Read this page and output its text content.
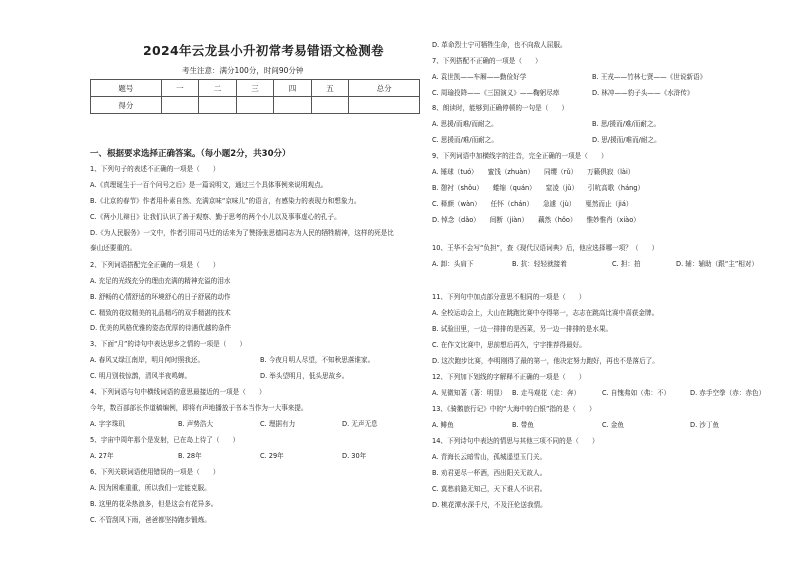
2024年云龙县小升初常考易错语文检测卷
考生注意：满分100分，时间90分钟
题号	一	二	三	四	五	总分
得分						
一、根据要求选择正确答案。（每小题2分，共30分）
1、下列句子的表述不正确的一项是（　　）
A.《真理诞生于一百个问号之后》是一篇说明文，通过三个具体事例来说明观点。
B.《北京的春节》作者用朴素自然、充满京味“京味儿”的语言，有感染力的表现力和想象力。
C.《两小儿辩日》让我们认识了善于观察、勤于思考的两个小儿以及事事虚心的孔子。
D.《为人民服务》一文中，作者引用司马迁的话来为了赞扬张思德同志为人民的牺牲精神，这样的死是比
泰山还要重的。
2、下列词语搭配完全正确的一项是（　　）
A. 充足的光线充分的理由充满的精神充溢的泪水
B. 舒畅的心情舒适的环境舒心的日子舒展的动作
C. 精致的花纹精美的礼品精巧的双手精湛的技术
D. 优美的风格优雅的姿态优厚的待遇优越的条件
3、下面“月”的诗句中表达思乡之情的一项是（　　）
A. 春风又绿江南岸，明月何时照我还。	B. 今夜月明人尽望，不知秋思落谁家。
C. 明月别枝惊鹊，清风半夜鸣蝉。	D. 举头望明月，低头思故乡。
4、下列词语与句中横线词语的意思最接近的一项是（　　）
今年，数百部部长作道稿编例，即将有声地播放于书本当作为一大事来提。
A. 字字珠玑	B. 声势浩大	C. 理据有力	D. 无声无息
5、宇宙中周年那个是发射，已在岛上待了（　　）
A. 27年	B. 28年	C. 29年	D. 30年
6、下列关联词语使用错误的一项是（　　）
A. 因为困难重重，所以我们一定能克服。
B. 这里的花朵热浪多，但是这会有花异多。
C. 不管刮风下雨，爸爸都坚持跑步锻炼。
D. 革命烈士宁可牺牲生命，也不向敌人屈服。
7、下列搭配不正确的一项是（　　）
A. 袁世凯——车厢——勤俭好学	B. 王戎——竹林七贤——《世说新语》
C. 周瑜投降——《三国演义》——鞠躬尽瘁	D. 林冲——豹子头——《水浒传》
8、朗读时，能够到正确停顿的一句是（　　）
A. 思援/而难/而耐之。	B. 思/援而/难/而耐之。
C. 思援而/难/而耐之。	D. 思/援而/难而/耐之。
9、下列词语中加横线字的注音，完全正确的一项是（　　）
A. 锤球（tuó）　　蜜饯（zhuàn）　　同缨（rǔ）　　万籁俱寂（lài）
B. 憩衬（shǒu）　　蜷缩（quán）　　窒凌（jǔ）　　引吭高歌（háng）
C. 释颜（wàn）　　任怀（chán）　　急遽（jù）　　戛然而止（jiá）
D. 悼念（dǎo）　　间断（jiàn）　　藕然（hǒo）　　惟妙惟肖（xiào）
10、王华不会写“负担”，查《现代汉语词典》后，他应选择哪一项？（　　）
A. 卸：头肩下	B. 抗：轻轻就接着	C. 担：拍	D. 辅：辅助（跟“主”相对）
11、下列句中加点部分意思不相同的一项是（　　）
A. 全校运动会上，大山在跳跑比赛中夺得第一，志志在跳高比赛中喜获金牌。
B. 试验田里，一边一排排的是西菜，另一边一排排的是水果。
C. 在作文比赛中，思前想后再久，宁宇推荐得最好。
D. 这次跑步比赛，李明刚得了最的第一，他决定努力跑好，再也不是落后了。
12、下列加下划线的字解释不正确的一项是（　　）
A. 见微知著（著：明显） B. 走马观花（走：奔）	C. 自愧弗如（弗：不）	D. 赤手空拳（赤：赤色）
13、《骑鹅旅行记》中的“大海中的白银”指的是（　　）
A. 鲱鱼	B. 带鱼	C. 金鱼	D. 沙丁鱼
14、下列诗句中表达的情思与其他三项不同的是（　　）
A. 青海长云暗雪山，孤城遥望玉门关。
B. 劝君更尽一杯酒，西出阳关无故人。
C. 莫愁前路无知己，天下谁人不识君。
D. 桃花潭水深千尺，不及汪伦送我情。
